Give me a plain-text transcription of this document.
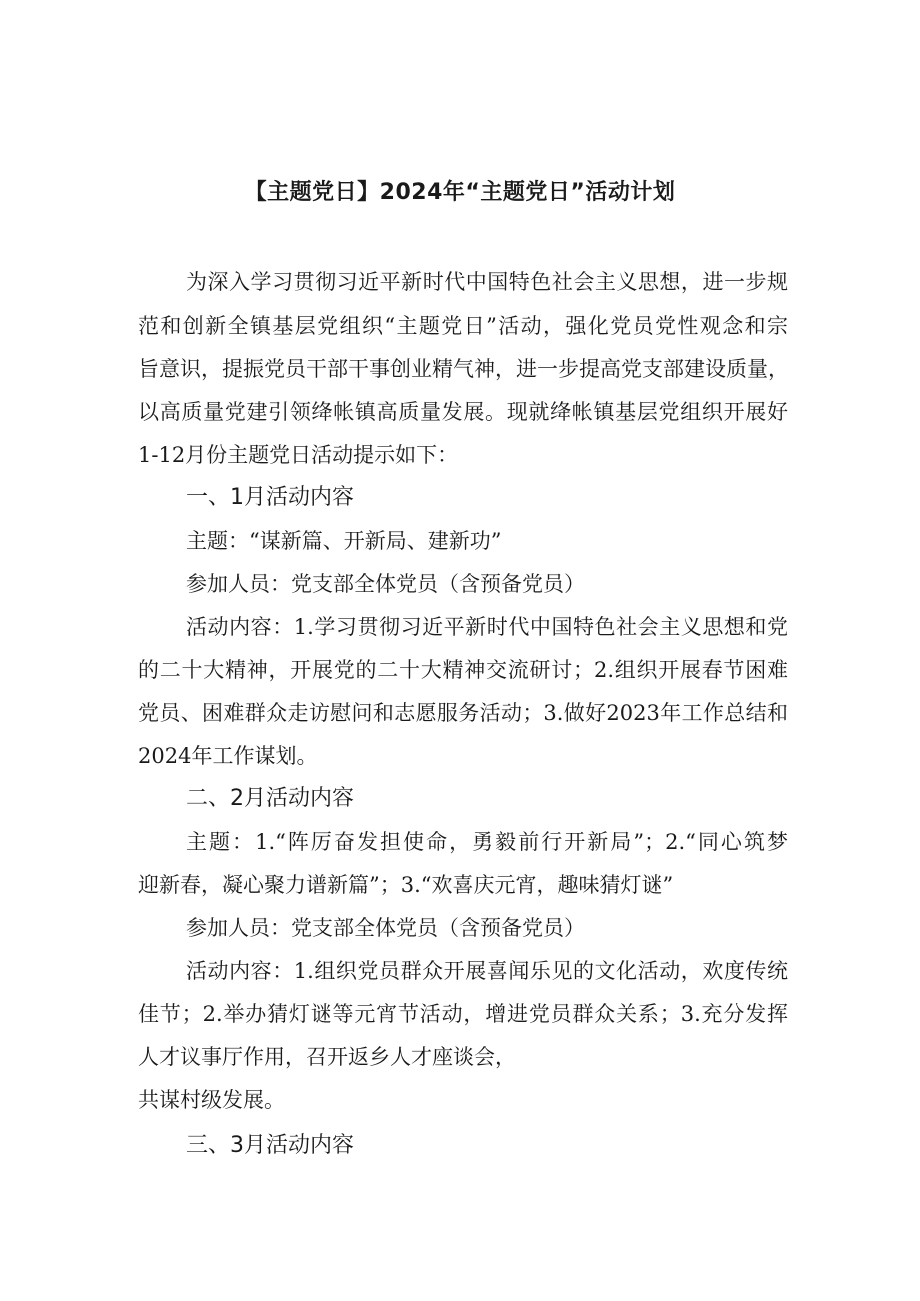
【主题党日】2024年“主题党日”活动计划
为深入学习贯彻习近平新时代中国特色社会主义思想，进一步规
范和创新全镇基层党组织“主题党日”活动，强化党员党性观念和宗
旨意识，提振党员干部干事创业精气神，进一步提高党支部建设质量，
以高质量党建引领绛帐镇高质量发展。现就绛帐镇基层党组织开展好
1-12月份主题党日活动提示如下：
一、1月活动内容
主题：“谋新篇、开新局、建新功”
参加人员：党支部全体党员（含预备党员）
活动内容：1.学习贯彻习近平新时代中国特色社会主义思想和党
的二十大精神，开展党的二十大精神交流研讨；2.组织开展春节困难
党员、困难群众走访慰问和志愿服务活动；3.做好2023年工作总结和
2024年工作谋划。
二、2月活动内容
主题：1.“阵厉奋发担使命，勇毅前行开新局”；2.“同心筑梦
迎新春，凝心聚力谱新篇”；3.“欢喜庆元宵，趣味猜灯谜”
参加人员：党支部全体党员（含预备党员）
活动内容：1.组织党员群众开展喜闻乐见的文化活动，欢度传统
佳节；2.举办猜灯谜等元宵节活动，增进党员群众关系；3.充分发挥
人才议事厅作用，召开返乡人才座谈会，
共谋村级发展。
三、3月活动内容
